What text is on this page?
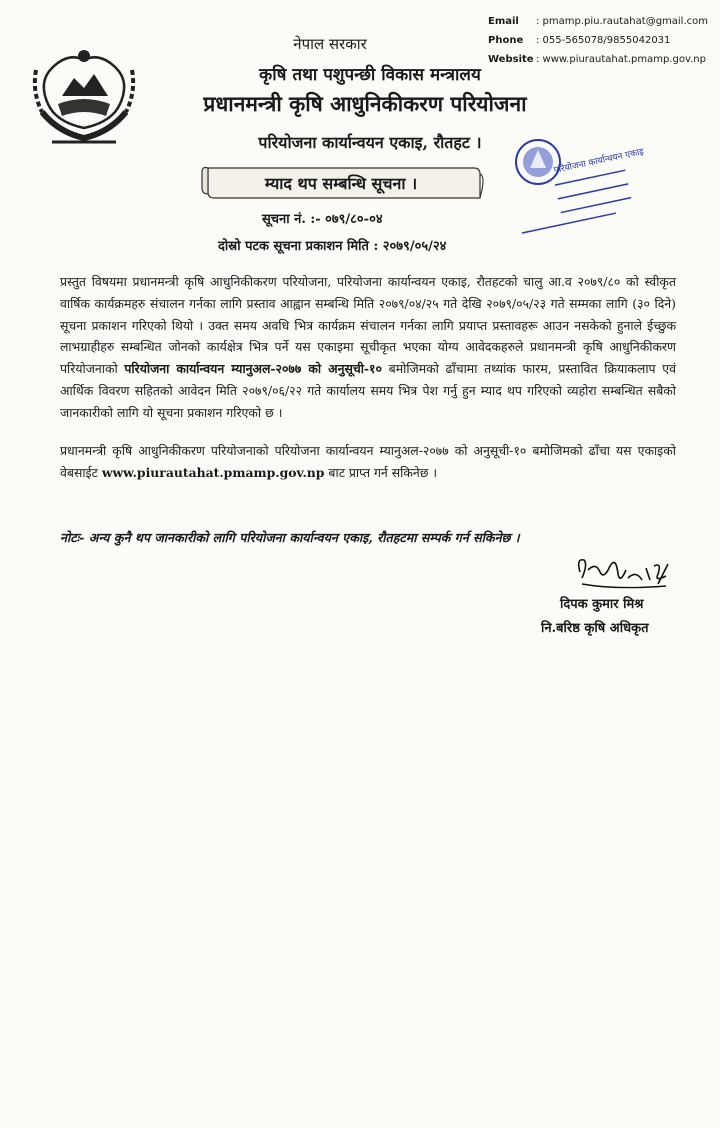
Email : pmamp.piu.rautahat@gmail.com
Phone : 055-565078/9855042031
Website : www.piurautahat.pmamp.gov.np
नेपाल सरकार
कृषि तथा पशुपन्छी विकास मन्त्रालय
प्रधानमन्त्री कृषि आधुनिकीकरण परियोजना
परियोजना कार्यान्वयन एकाइ, रौतहट ।
म्याद थप सम्बन्धि सूचना ।
परियोजना कार्यान्वयन एकाइ
सूचना नं. :- ०७९/८०-०४
दोस्रो पटक सूचना प्रकाशन मिति : २०७९/०५/२४
प्रस्तुत विषयमा प्रधानमन्त्री कृषि आधुनिकीकरण परियोजना, परियोजना कार्यान्वयन एकाइ, रौतहटको चालु आ.व २०७९/८० को स्वीकृत वार्षिक कार्यक्रमहरु संचालन गर्नका लागि प्रस्ताव आह्वान सम्बन्धि मिति २०७९/०४/२५ गते देखि २०७९/०५/२३ गते सम्मका लागि (३० दिने) सूचना प्रकाशन गरिएको थियो । उक्त समय अवधि भित्र कार्यक्रम संचालन गर्नका लागि प्रयाप्त प्रस्तावहरू आउन नसकेको हुनाले ईच्छुक लाभग्राहीहरु सम्बन्धित जोनको कार्यक्षेत्र भित्र पर्ने यस एकाइमा सूचीकृत भएका योग्य आवेदकहरुले प्रधानमन्त्री कृषि आधुनिकीकरण परियोजनाको परियोजना कार्यान्वयन म्यानुअल-२०७७ को अनुसूची-१० बमोजिमको ढाँचामा तथ्यांक फारम, प्रस्तावित क्रियाकलाप एवं आर्थिक विवरण सहितको आवेदन मिति २०७९/०६/२२ गते कार्यालय समय भित्र पेश गर्नु हुन म्याद थप गरिएको व्यहोरा सम्बन्धित सबैको जानकारीको लागि यो सूचना प्रकाशन गरिएको छ ।
प्रधानमन्त्री कृषि आधुनिकीकरण परियोजनाको परियोजना कार्यान्वयन म्यानुअल-२०७७ को अनुसूची-१० बमोजिमको ढाँचा यस एकाइको वेबसाईट www.piurautahat.pmamp.gov.np बाट प्राप्त गर्न सकिनेछ ।
नोटः- अन्य कुनै थप जानकारीको लागि परियोजना कार्यान्वयन एकाइ, रौतहटमा सम्पर्क गर्न सकिनेछ ।
दिपक कुमार मिश्र
नि.बरिष्ठ कृषि अधिकृत
